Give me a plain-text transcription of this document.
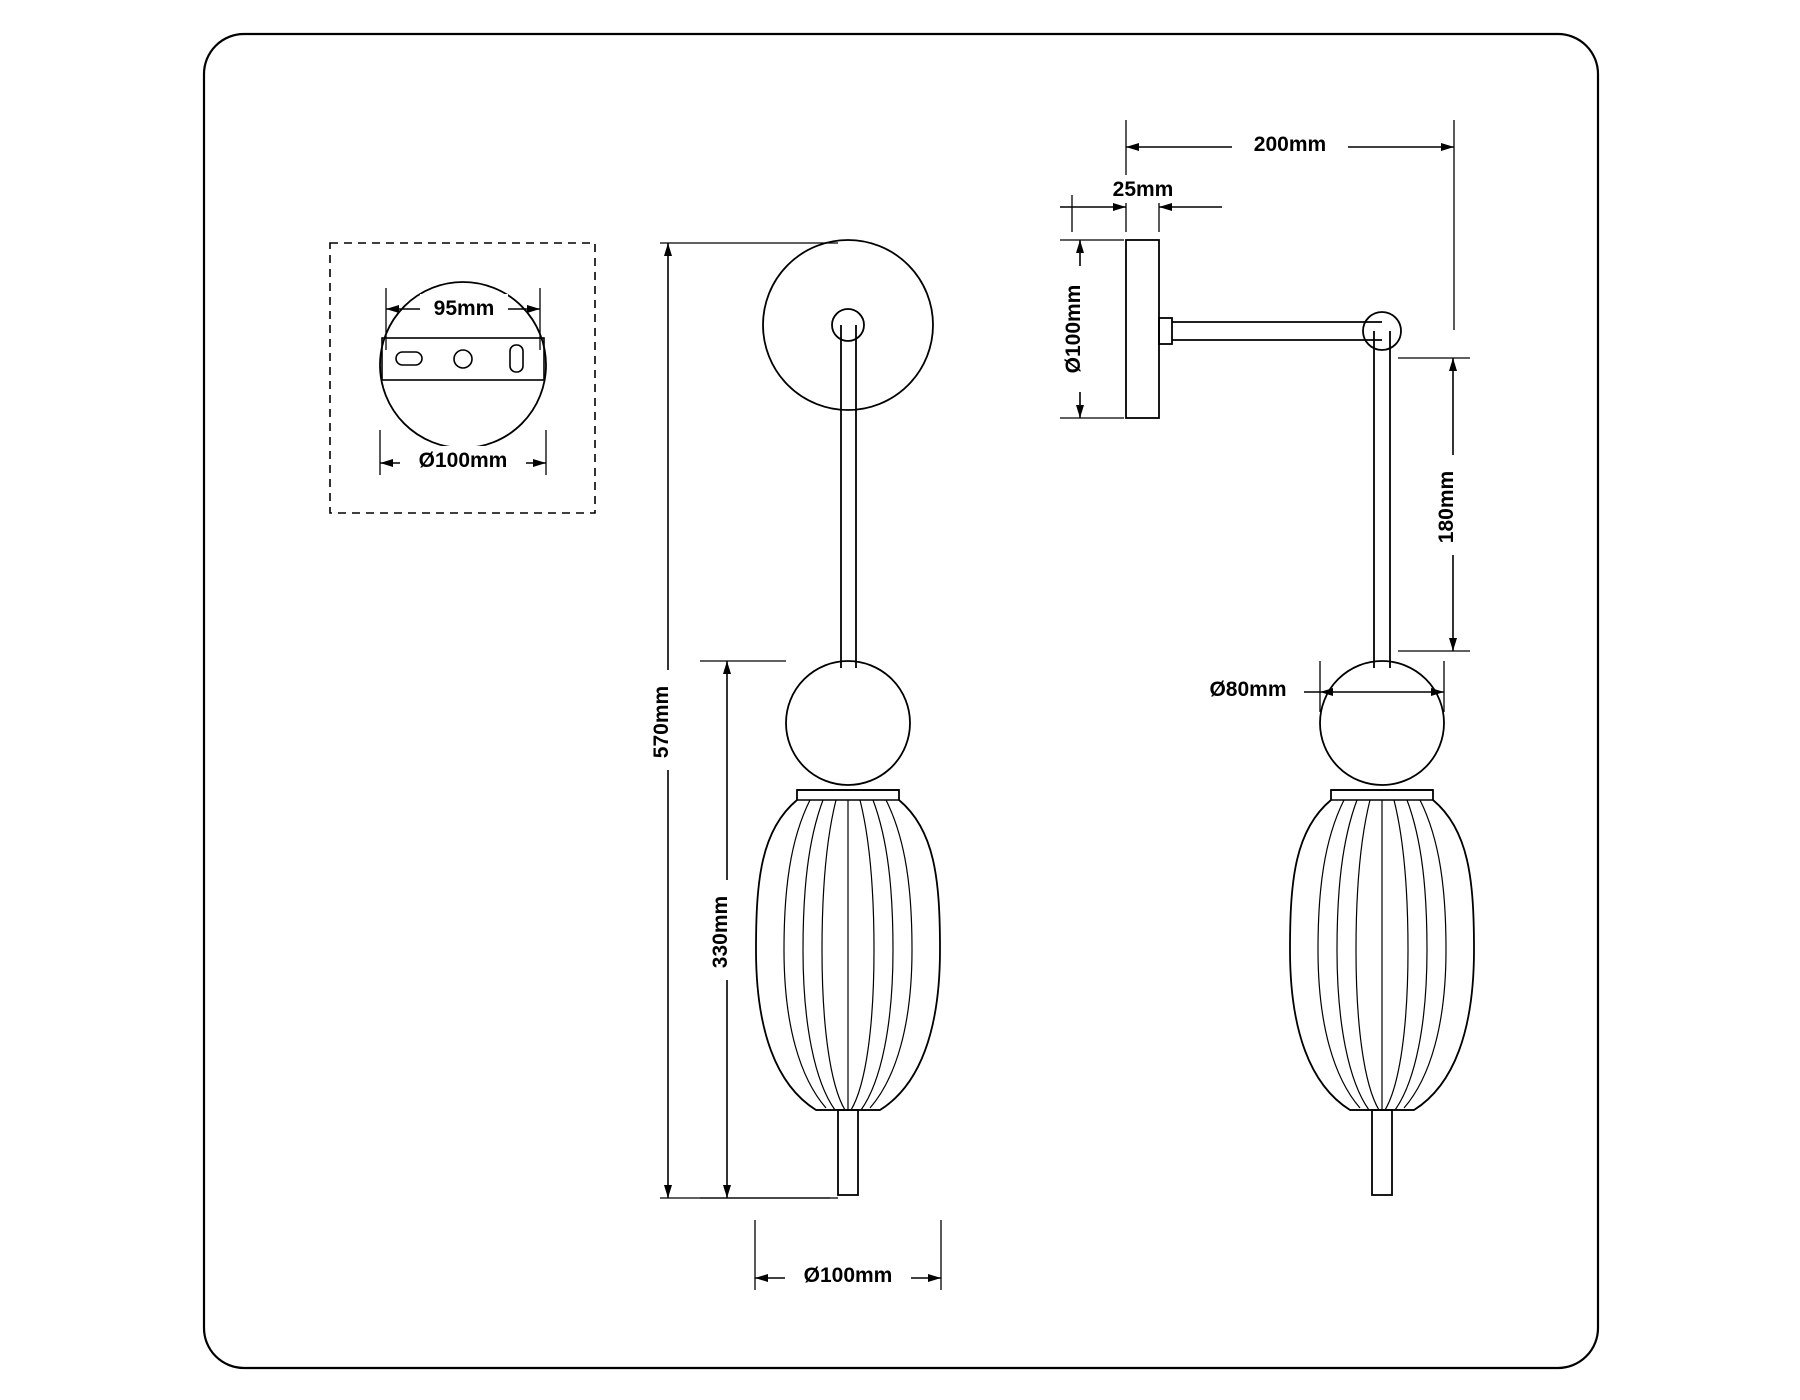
95mm
Ø100mm
570mm
330mm
Ø100mm
200mm
25mm
Ø100mm
180mm
Ø80mm
